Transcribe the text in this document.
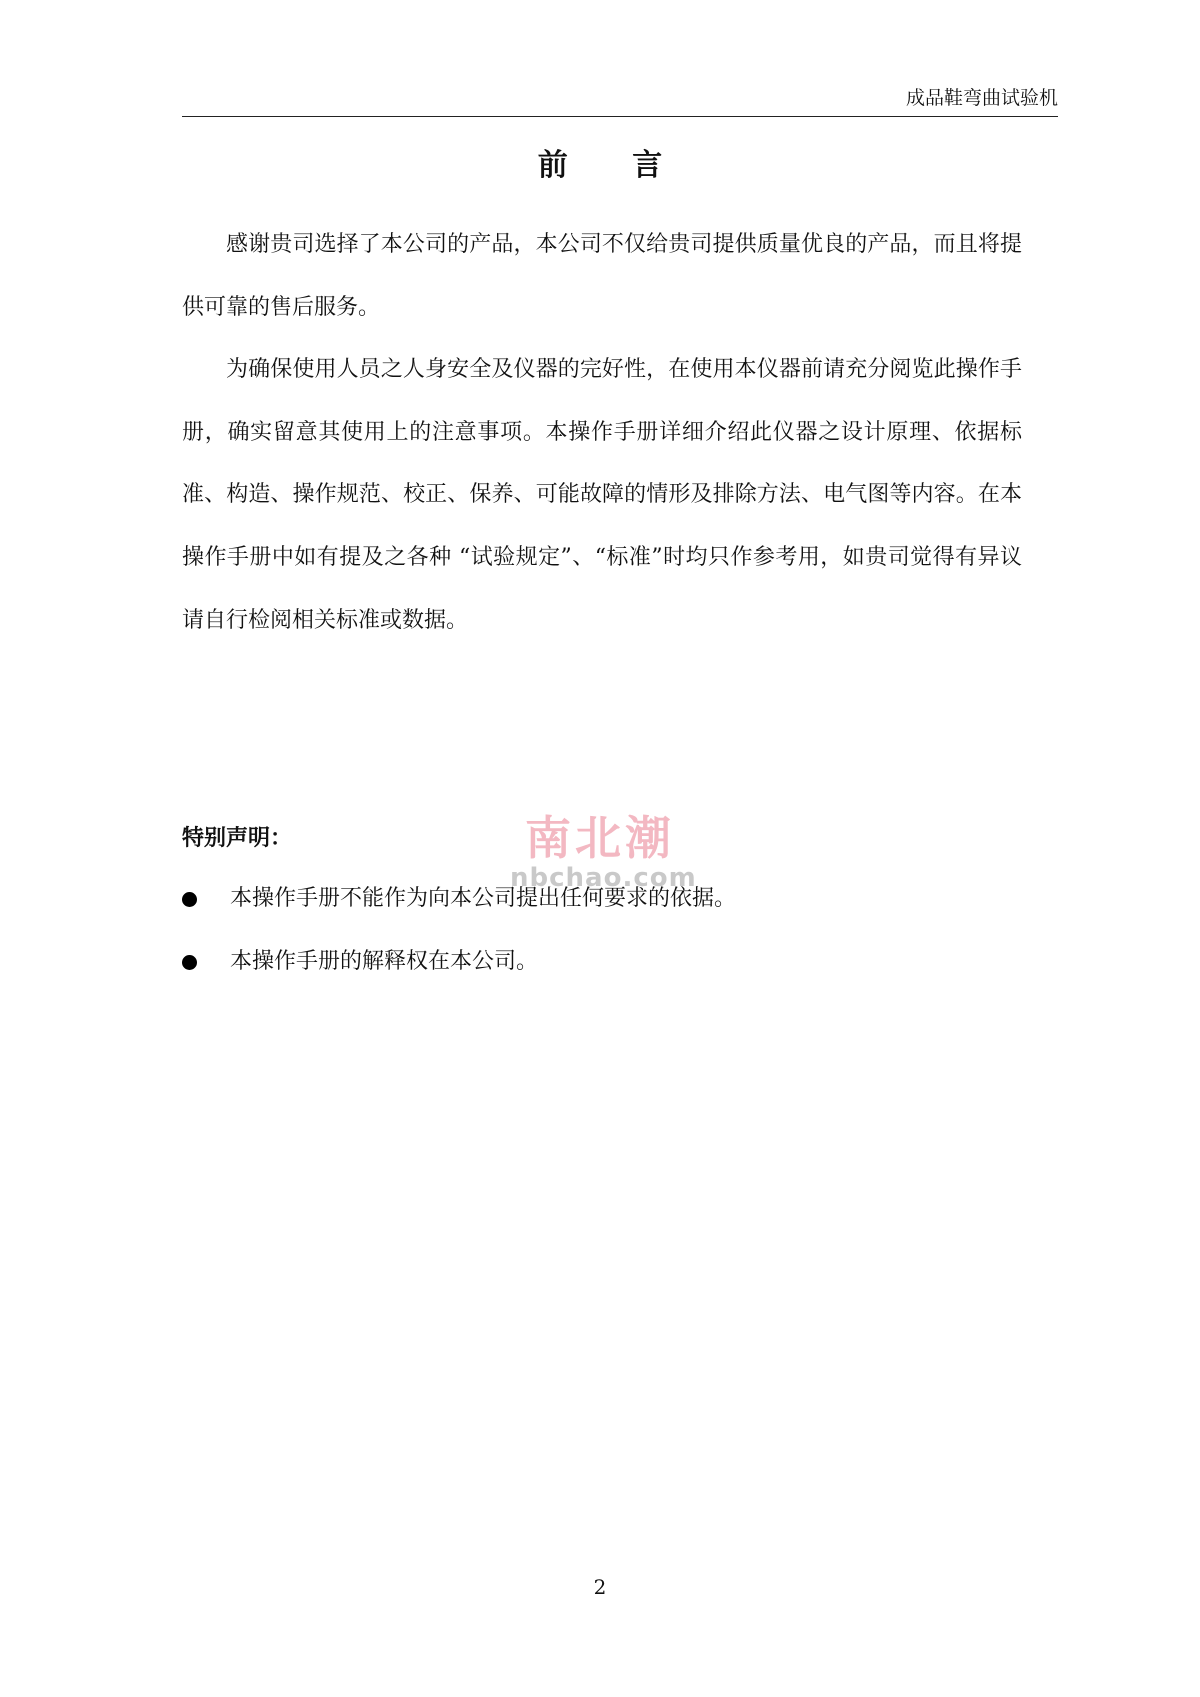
成品鞋弯曲试验机
前 言

感谢贵司选择了本公司的产品，本公司不仅给贵司提供质量优良的产品，而且将提供可靠的售后服务。

为确保使用人员之人身安全及仪器的完好性，在使用本仪器前请充分阅览此操作手册，确实留意其使用上的注意事项。本操作手册详细介绍此仪器之设计原理、依据标准、构造、操作规范、校正、保养、可能故障的情形及排除方法、电气图等内容。在本操作手册中如有提及之各种 “试验规定”、“标准”时均只作参考用，如贵司觉得有异议请自行检阅相关标准或数据。

特别声明：
本操作手册不能作为向本公司提出任何要求的依据。
本操作手册的解释权在本公司。
南北潮
nbchao.com
2
